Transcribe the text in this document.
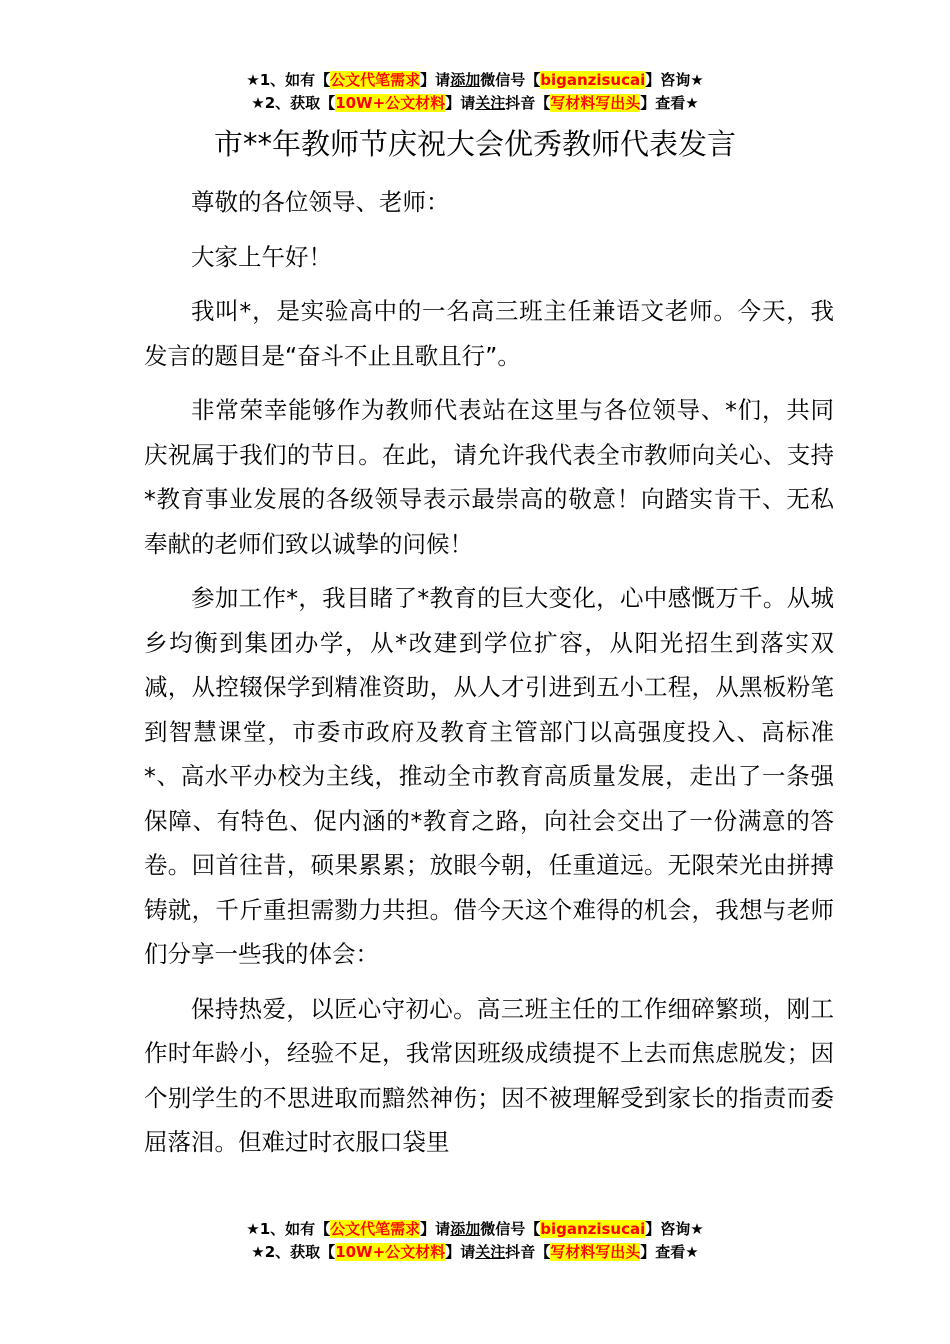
★1、如有【公文代笔需求】请添加微信号【biganzisucai】咨询★
★2、获取【10W+公文材料】请关注抖音【写材料写出头】查看★
市**年教师节庆祝大会优秀教师代表发言

尊敬的各位领导、老师：

大家上午好！

我叫*，是实验高中的一名高三班主任兼语文老师。今天，我发言的题目是“奋斗不止且歌且行”。

非常荣幸能够作为教师代表站在这里与各位领导、*们，共同庆祝属于我们的节日。在此，请允许我代表全市教师向关心、支持*教育事业发展的各级领导表示最崇高的敬意！向踏实肯干、无私奉献的老师们致以诚挚的问候！

参加工作*，我目睹了*教育的巨大变化，心中感慨万千。从城乡均衡到集团办学，从*改建到学位扩容，从阳光招生到落实双减，从控辍保学到精准资助，从人才引进到五小工程，从黑板粉笔到智慧课堂，市委市政府及教育主管部门以高强度投入、高标准*、高水平办校为主线，推动全市教育高质量发展，走出了一条强保障、有特色、促内涵的*教育之路，向社会交出了一份满意的答卷。回首往昔，硕果累累；放眼今朝，任重道远。无限荣光由拼搏铸就，千斤重担需勠力共担。借今天这个难得的机会，我想与老师们分享一些我的体会：

保持热爱，以匠心守初心。高三班主任的工作细碎繁琐，刚工作时年龄小，经验不足，我常因班级成绩提不上去而焦虑脱发；因个别学生的不思进取而黯然神伤；因不被理解受到家长的指责而委屈落泪。但难过时衣服口袋里

★1、如有【公文代笔需求】请添加微信号【biganzisucai】咨询★
★2、获取【10W+公文材料】请关注抖音【写材料写出头】查看★
